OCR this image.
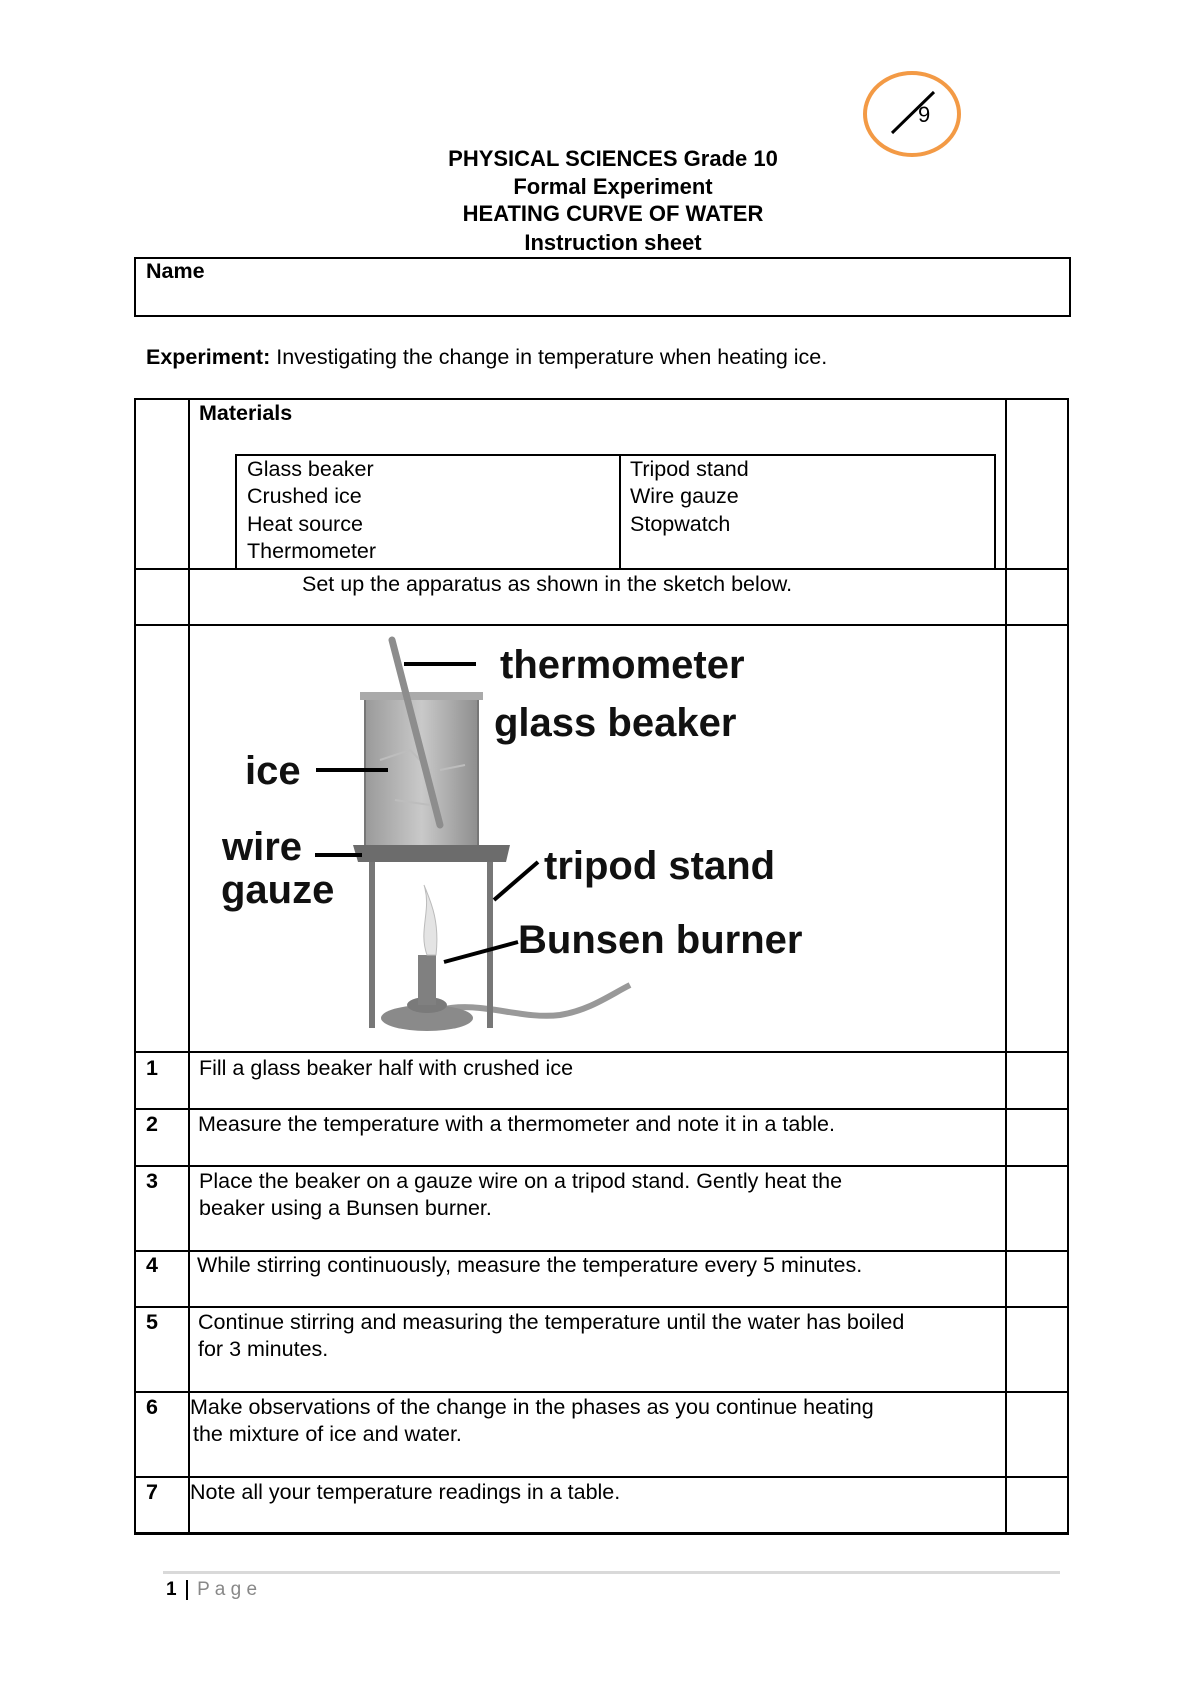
9
PHYSICAL SCIENCES Grade 10
Formal Experiment
HEATING CURVE OF WATER
Instruction sheet
Name
Experiment: Investigating the change in temperature when heating ice.
Materials
Glass beaker
Crushed ice
Heat source
Thermometer
Tripod stand
Wire gauze
Stopwatch
Set up the apparatus as shown in the sketch below.
thermometer
glass beaker
ice
wire
gauze
tripod stand
Bunsen burner
1 Fill a glass beaker half with crushed ice
2 Measure the temperature with a thermometer and note it in a table.
3 Place the beaker on a gauze wire on a tripod stand. Gently heat the
beaker using a Bunsen burner.
4 While stirring continuously, measure the temperature every 5 minutes.
5 Continue stirring and measuring the temperature until the water has boiled
for 3 minutes.
6 Make observations of the change in the phases as you continue heating
the mixture of ice and water.
7 Note all your temperature readings in a table.
1 P a g e
